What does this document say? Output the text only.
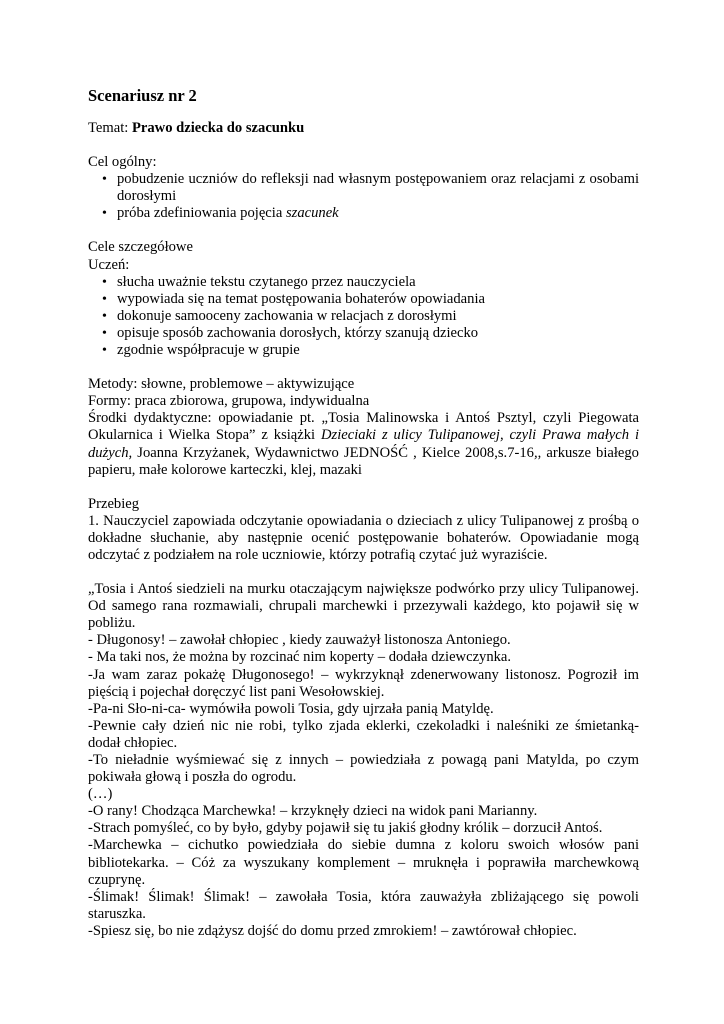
Scenariusz nr 2

Temat: Prawo dziecka do szacunku

Cel ogólny:

• pobudzenie uczniów do refleksji nad własnym postępowaniem oraz relacjami z osobami dorosłymi
• próba zdefiniowania pojęcia szacunek

Cele szczegółowe

Uczeń:

• słucha uważnie tekstu czytanego przez nauczyciela
• wypowiada się na temat postępowania bohaterów opowiadania
• dokonuje samooceny zachowania w relacjach z dorosłymi
• opisuje sposób zachowania dorosłych, którzy szanują dziecko
• zgodnie współpracuje w grupie

Metody: słowne, problemowe – aktywizujące

Formy: praca zbiorowa, grupowa, indywidualna

Środki dydaktyczne: opowiadanie pt. „Tosia Malinowska i Antoś Psztyl, czyli Piegowata Okularnica i Wielka Stopa” z książki Dzieciaki z ulicy Tulipanowej, czyli Prawa małych i dużych, Joanna Krzyżanek, Wydawnictwo JEDNOŚĆ , Kielce 2008,s.7-16,, arkusze białego papieru, małe kolorowe karteczki, klej, mazaki

Przebieg

1. Nauczyciel zapowiada odczytanie opowiadania o dzieciach z ulicy Tulipanowej z prośbą o dokładne słuchanie, aby następnie ocenić postępowanie bohaterów. Opowiadanie mogą odczytać z podziałem na role uczniowie, którzy potrafią czytać już wyraziście.

„Tosia i Antoś siedzieli na murku otaczającym największe podwórko przy ulicy Tulipanowej. Od samego rana rozmawiali, chrupali marchewki i przezywali każdego, kto pojawił się w pobliżu.

- Długonosy! – zawołał chłopiec , kiedy zauważył listonosza Antoniego.

- Ma taki nos, że można by rozcinać nim koperty – dodała dziewczynka.

-Ja wam zaraz pokażę Długonosego! – wykrzyknął zdenerwowany listonosz. Pogroził im pięścią i pojechał doręczyć list pani Wesołowskiej.

-Pa-ni Sło-ni-ca- wymówiła powoli Tosia, gdy ujrzała panią Matyldę.

-Pewnie cały dzień nic nie robi, tylko zjada eklerki, czekoladki i naleśniki ze śmietanką- dodał chłopiec.

-To nieładnie wyśmiewać się z innych – powiedziała z powagą pani Matylda, po czym pokiwała głową i poszła do ogrodu.

(…)

-O rany! Chodząca Marchewka! – krzyknęły dzieci na widok pani Marianny.

-Strach pomyśleć, co by było, gdyby pojawił się tu jakiś głodny królik – dorzucił Antoś.

-Marchewka – cichutko powiedziała do siebie dumna z koloru swoich włosów pani bibliotekarka. – Cóż za wyszukany komplement – mruknęła i poprawiła marchewkową czuprynę.

-Ślimak! Ślimak! Ślimak! – zawołała Tosia, która zauważyła zbliżającego się powoli staruszka.

-Spiesz się, bo nie zdążysz dojść do domu przed zmrokiem! – zawtórował chłopiec.
